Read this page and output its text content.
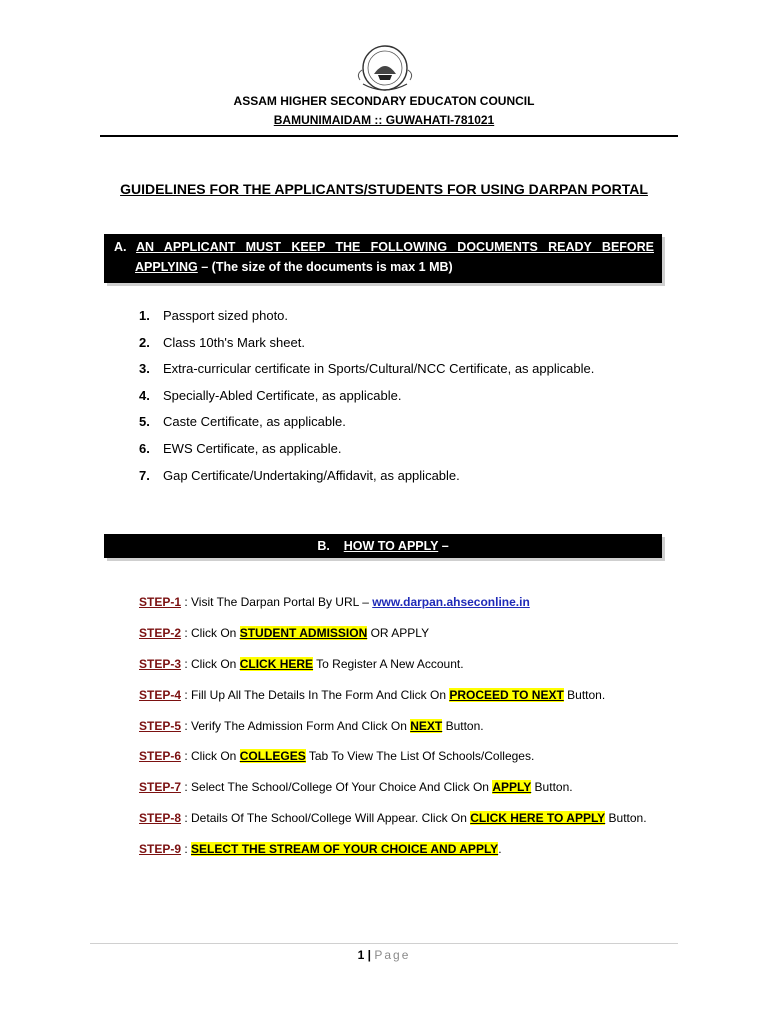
ASSAM HIGHER SECONDARY EDUCATON COUNCIL
BAMUNIMAIDAM :: GUWAHATI-781021
GUIDELINES FOR THE APPLICANTS/STUDENTS FOR USING DARPAN PORTAL
A. AN APPLICANT MUST KEEP THE FOLLOWING DOCUMENTS READY BEFORE
APPLYING – (The size of the documents is max 1 MB)
1. Passport sized photo.
2. Class 10th's Mark sheet.
3. Extra-curricular certificate in Sports/Cultural/NCC Certificate, as applicable.
4. Specially-Abled Certificate, as applicable.
5. Caste Certificate, as applicable.
6. EWS Certificate, as applicable.
7. Gap Certificate/Undertaking/Affidavit, as applicable.
B. HOW TO APPLY –
STEP-1 : Visit The Darpan Portal By URL – www.darpan.ahseconline.in
STEP-2 : Click On STUDENT ADMISSION OR APPLY
STEP-3 : Click On CLICK HERE To Register A New Account.
STEP-4 : Fill Up All The Details In The Form And Click On PROCEED TO NEXT Button.
STEP-5 : Verify The Admission Form And Click On NEXT Button.
STEP-6 : Click On COLLEGES Tab To View The List Of Schools/Colleges.
STEP-7 : Select The School/College Of Your Choice And Click On APPLY Button.
STEP-8 : Details Of The School/College Will Appear. Click On CLICK HERE TO APPLY Button.
STEP-9 : SELECT THE STREAM OF YOUR CHOICE AND APPLY.
1 | Page
